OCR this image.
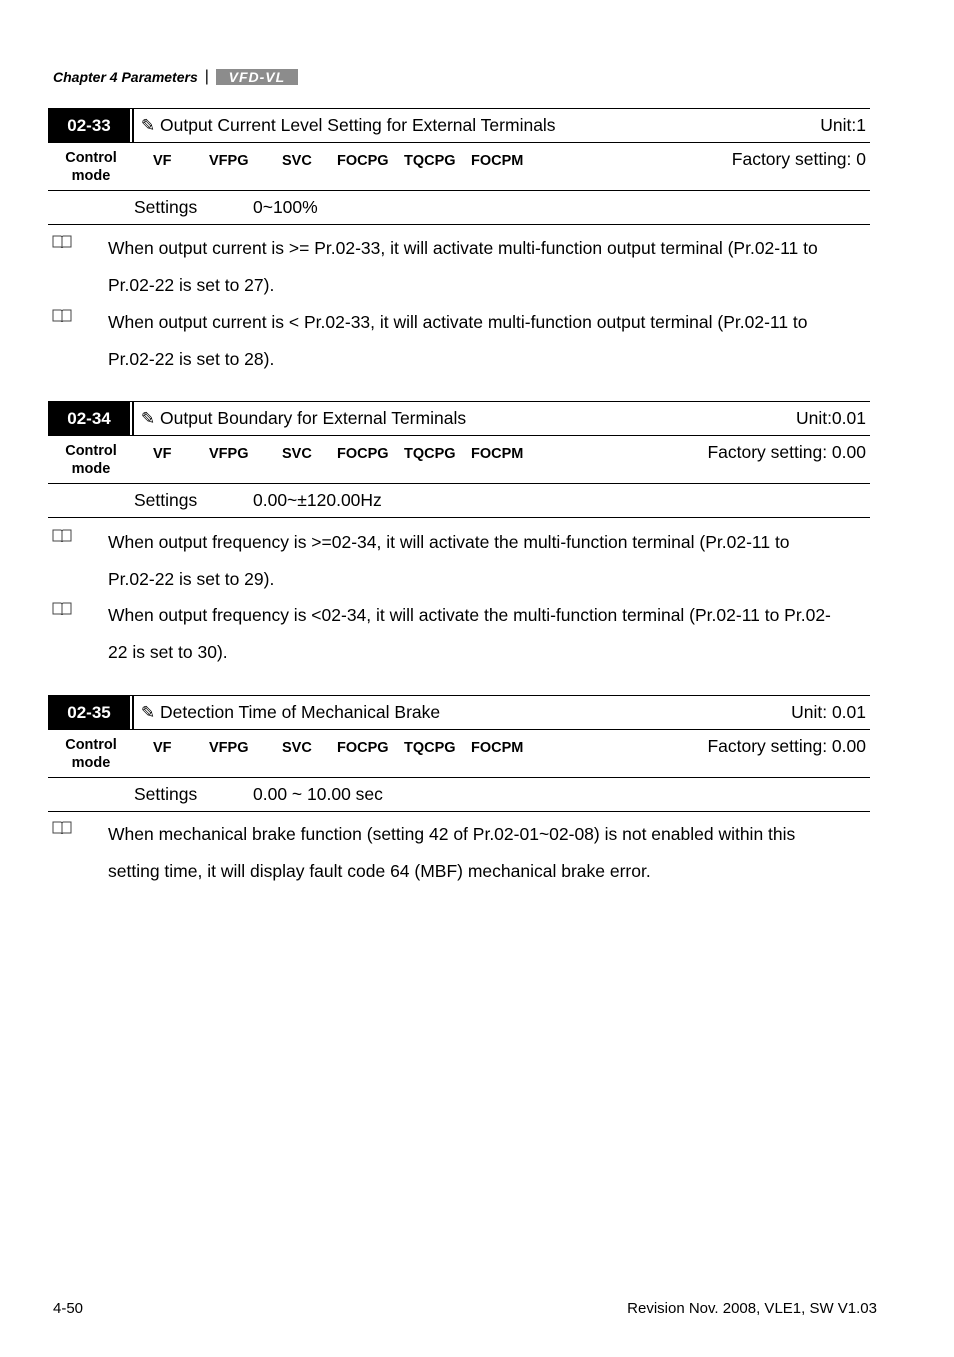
Chapter 4 Parameters |	VFD-VL
02-33	✎ Output Current Level Setting for External Terminals	Unit:1
Control
mode
VF	VFPG SVC FOCPG TQCPG FOCPM	Factory setting: 0
Settings	0~100%
When output current is >= Pr.02-33, it will activate multi-function output terminal (Pr.02-11 to
Pr.02-22 is set to 27).
When output current is < Pr.02-33, it will activate multi-function output terminal (Pr.02-11 to
Pr.02-22 is set to 28).
02-34	✎ Output Boundary for External Terminals	Unit:0.01
Control
mode
VF	VFPG SVC FOCPG TQCPG FOCPM	Factory setting: 0.00
Settings	0.00~±120.00Hz
When output frequency is >=02-34, it will activate the multi-function terminal (Pr.02-11 to
Pr.02-22 is set to 29).
When output frequency is <02-34, it will activate the multi-function terminal (Pr.02-11 to Pr.02-
22 is set to 30).
02-35	✎ Detection Time of Mechanical Brake	Unit: 0.01
Control
mode
VF	VFPG SVC FOCPG TQCPG FOCPM	Factory setting: 0.00
Settings	0.00 ~ 10.00 sec
When mechanical brake function (setting 42 of Pr.02-01~02-08) is not enabled within this
setting time, it will display fault code 64 (MBF) mechanical brake error.
4-50	Revision Nov. 2008, VLE1, SW V1.03
